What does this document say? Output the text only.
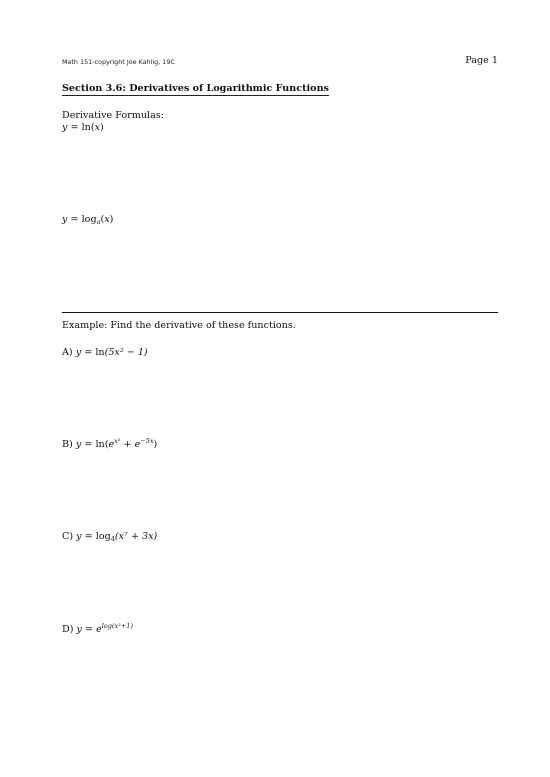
Math 151-copyright Joe Kahlig, 19C	Page 1
Section 3.6: Derivatives of Logarithmic Functions
Derivative Formulas:
y = ln(x)
$y = \log_a(x)$
Example: Find the derivative of these functions.
A) y = ln(5x² − 1)
B) $y = \ln(e^{x^2} + e^{-5x})$
C) $y = \log_4(x^7 + 3x)$
D) $y = e^{log(x^2+1)}$
